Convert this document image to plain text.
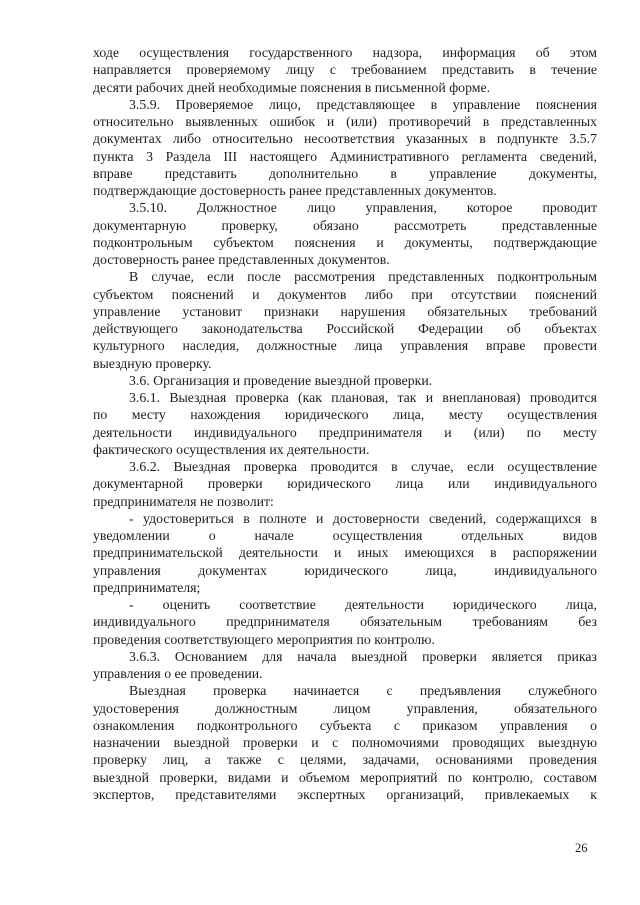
ходе осуществления государственного надзора, информация об этом
направляется проверяемому лицу с требованием представить в течение
десяти рабочих дней необходимые пояснения в письменной форме.
3.5.9. Проверяемое лицо, представляющее в управление пояснения
относительно выявленных ошибок и (или) противоречий в представленных
документах либо относительно несоответствия указанных в подпункте 3.5.7
пункта 3 Раздела III настоящего Административного регламента сведений,
вправе представить дополнительно в управление документы,
подтверждающие достоверность ранее представленных документов.
3.5.10. Должностное лицо управления, которое проводит
документарную проверку, обязано рассмотреть представленные
подконтрольным субъектом пояснения и документы, подтверждающие
достоверность ранее представленных документов.
В случае, если после рассмотрения представленных подконтрольным
субъектом пояснений и документов либо при отсутствии пояснений
управление установит признаки нарушения обязательных требований
действующего законодательства Российской Федерации об объектах
культурного наследия, должностные лица управления вправе провести
выездную проверку.
3.6. Организация и проведение выездной проверки.
3.6.1. Выездная проверка (как плановая, так и внеплановая) проводится
по месту нахождения юридического лица, месту осуществления
деятельности индивидуального предпринимателя и (или) по месту
фактического осуществления их деятельности.
3.6.2. Выездная проверка проводится в случае, если осуществление
документарной проверки юридического лица или индивидуального
предпринимателя не позволит:
- удостовериться в полноте и достоверности сведений, содержащихся в
уведомлении о начале осуществления отдельных видов
предпринимательской деятельности и иных имеющихся в распоряжении
управления документах юридического лица, индивидуального
предпринимателя;
- оценить соответствие деятельности юридического лица,
индивидуального предпринимателя обязательным требованиям без
проведения соответствующего мероприятия по контролю.
3.6.3. Основанием для начала выездной проверки является приказ
управления о ее проведении.
Выездная проверка начинается с предъявления служебного
удостоверения должностным лицом управления, обязательного
ознакомления подконтрольного субъекта с приказом управления о
назначении выездной проверки и с полномочиями проводящих выездную
проверку лиц, а также с целями, задачами, основаниями проведения
выездной проверки, видами и объемом мероприятий по контролю, составом
экспертов, представителями экспертных организаций, привлекаемых к
26
